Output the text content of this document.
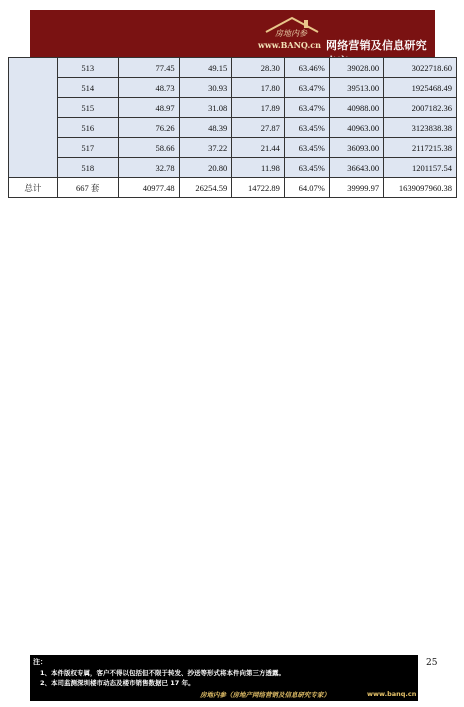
房地内参
www.BANQ.cn 网络营销及信息研究
	513	77.45	49.15	28.30	63.46%	39028.00	3022718.60
	514	48.73	30.93	17.80	63.47%	39513.00	1925468.49
	515	48.97	31.08	17.89	63.47%	40988.00	2007182.36
	516	76.26	48.39	27.87	63.45%	40963.00	3123838.38
	517	58.66	37.22	21.44	63.45%	36093.00	2117215.38
	518	32.78	20.80	11.98	63.45%	36643.00	1201157.54
总计	667 套	40977.48	26254.59	14722.89	64.07%	39999.97	1639097960.38
注：
1、本件版权专属，客户不得以包括但不限于转发、抄送等形式将本件向第三方透露。
2、本司监测深圳楼市动态及楼市销售数据已 17 年。
房地内参（房地产网络营销及信息研究专家）	www.banq.cn
25
